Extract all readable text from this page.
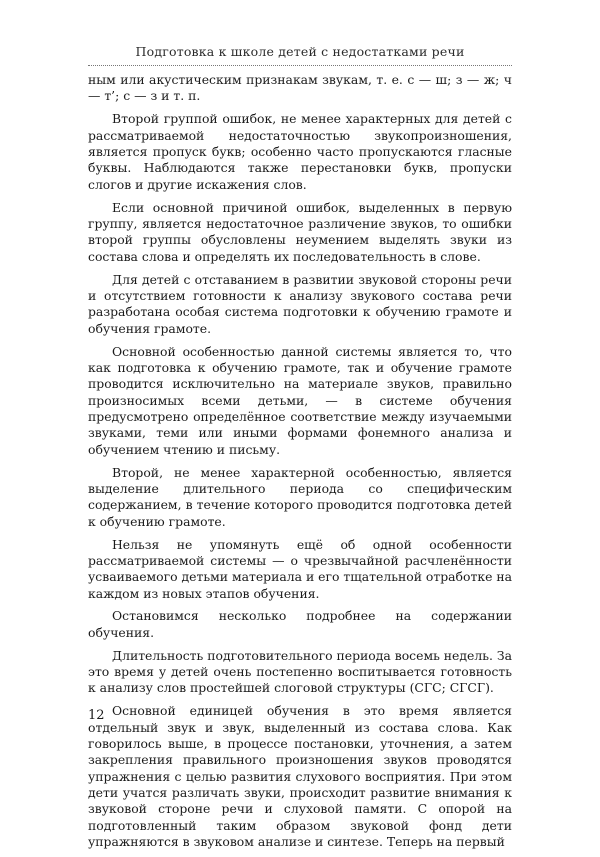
Подготовка к школе детей с недостатками речи

ным или акустическим признакам звукам, т. е. с — ш; з — ж; ч — т’; с — з и т. п.

Второй группой ошибок, не менее характерных для детей с рассматриваемой недостаточностью звукопроизношения, является пропуск букв; особенно часто пропускаются гласные буквы. Наблюдаются также перестановки букв, пропуски слогов и другие искажения слов.

Если основной причиной ошибок, выделенных в первую группу, является недостаточное различение звуков, то ошибки второй группы обусловлены неумением выделять звуки из состава слова и определять их последовательность в слове.

Для детей с отставанием в развитии звуковой стороны речи и отсутствием готовности к анализу звукового состава речи разработана особая система подготовки к обучению грамоте и обучения грамоте.

Основной особенностью данной системы является то, что как подготовка к обучению грамоте, так и обучение грамоте проводится исключительно на материале звуков, правильно произносимых всеми детьми, — в системе обучения предусмотрено определённое соответствие между изучаемыми звуками, теми или иными формами фонемного анализа и обучением чтению и письму.

Второй, не менее характерной особенностью, является выделение длительного периода со специфическим содержанием, в течение которого проводится подготовка детей к обучению грамоте.

Нельзя не упомянуть ещё об одной особенности рассматриваемой системы — о чрезвычайной расчленённости усваиваемого детьми материала и его тщательной отработке на каждом из новых этапов обучения.

Остановимся несколько подробнее на содержании обучения.

Длительность подготовительного периода восемь недель. За это время у детей очень постепенно воспитывается готовность к анализу слов простейшей слоговой структуры (СГС; СГСГ).

Основной единицей обучения в это время является отдельный звук и звук, выделенный из состава слова. Как говорилось выше, в процессе постановки, уточнения, а затем закрепления правильного произношения звуков проводятся упражнения с целью развития слухового восприятия. При этом дети учатся различать звуки, происходит развитие внимания к звуковой стороне речи и слуховой памяти. С опорой на подготовленный таким образом звуковой фонд дети упражняются в звуковом анализе и синтезе. Теперь на первый

12
